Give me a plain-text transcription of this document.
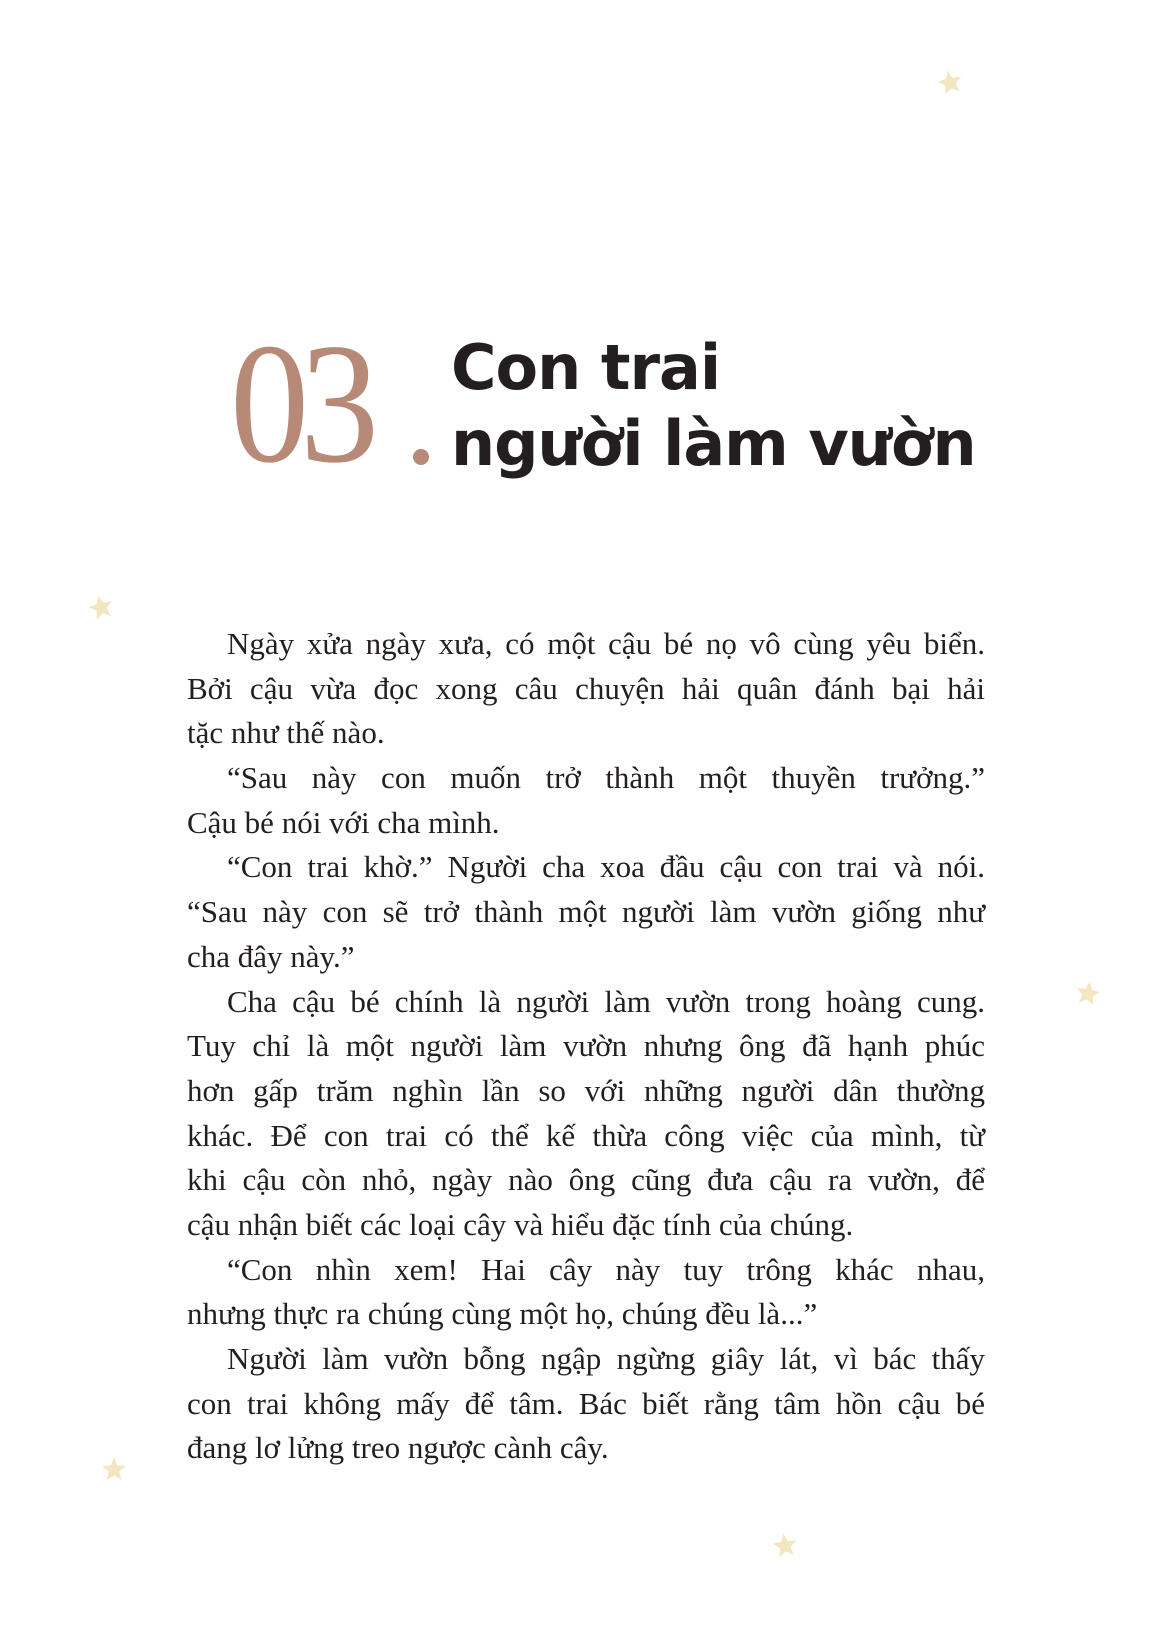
03 Con trai
người làm vườn
Ngày xửa ngày xưa, có một cậu bé nọ vô cùng yêu biển.
Bởi cậu vừa đọc xong câu chuyện hải quân đánh bại hải
tặc như thế nào.
“Sau này con muốn trở thành một thuyền trưởng.”
Cậu bé nói với cha mình.
“Con trai khờ.” Người cha xoa đầu cậu con trai và nói.
“Sau này con sẽ trở thành một người làm vườn giống như
cha đây này.”
Cha cậu bé chính là người làm vườn trong hoàng cung.
Tuy chỉ là một người làm vườn nhưng ông đã hạnh phúc
hơn gấp trăm nghìn lần so với những người dân thường
khác. Để con trai có thể kế thừa công việc của mình, từ
khi cậu còn nhỏ, ngày nào ông cũng đưa cậu ra vườn, để
cậu nhận biết các loại cây và hiểu đặc tính của chúng.
“Con nhìn xem! Hai cây này tuy trông khác nhau,
nhưng thực ra chúng cùng một họ, chúng đều là...”
Người làm vườn bỗng ngập ngừng giây lát, vì bác thấy
con trai không mấy để tâm. Bác biết rằng tâm hồn cậu bé
đang lơ lửng treo ngược cành cây.
